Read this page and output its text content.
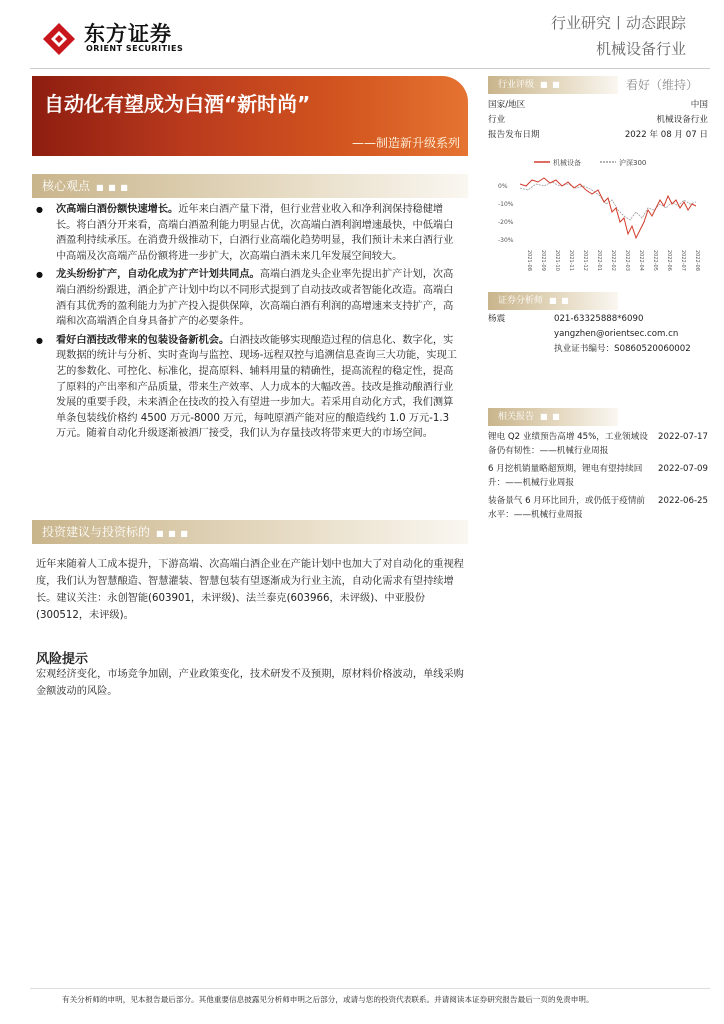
东方证券
ORIENT SECURITIES
行业研究丨动态跟踪
机械设备行业
自动化有望成为白酒“新时尚”
——制造新升级系列
核心观点 ■ ■ ■
● 次高端白酒份额快速增长。近年来白酒产量下滑，但行业营业收入和净利润保持稳健增长。将白酒分开来看，高端白酒盈利能力明显占优，次高端白酒利润增速最快，中低端白酒盈利持续承压。在消费升级推动下，白酒行业高端化趋势明显，我们预计未来白酒行业中高端及次高端产品份额将进一步扩大，次高端白酒未来几年发展空间较大。
● 龙头纷纷扩产，自动化成为扩产计划共同点。高端白酒龙头企业率先提出扩产计划，次高端白酒纷纷跟进，酒企扩产计划中均以不同形式提到了自动技改或者智能化改造。高端白酒有其优秀的盈利能力为扩产投入提供保障，次高端白酒有利润的高增速来支持扩产，高端和次高端酒企自身具备扩产的必要条件。
● 看好白酒技改带来的包装设备新机会。白酒技改能够实现酿造过程的信息化、数字化，实现数据的统计与分析、实时查询与监控、现场-远程双控与追溯信息查询三大功能，实现工艺的参数化、可控化、标准化，提高原料、辅料用量的精确性，提高流程的稳定性，提高了原料的产出率和产品质量，带来生产效率、人力成本的大幅改善。技改是推动酿酒行业发展的重要手段，未来酒企在技改的投入有望进一步加大。若采用自动化方式，我们测算单条包装线价格约 4500 万元-8000 万元，每吨原酒产能对应的酿造线约 1.0 万元-1.3 万元。随着自动化升级逐渐被酒厂接受，我们认为存量技改将带来更大的市场空间。
投资建议与投资标的 ■ ■ ■
近年来随着人工成本提升，下游高端、次高端白酒企业在产能计划中也加大了对自动化的重视程度，我们认为智慧酿造、智慧灌装、智慧包装有望逐渐成为行业主流，自动化需求有望持续增长。建议关注：永创智能(603901，未评级)、法兰泰克(603966，未评级)、中亚股份(300512，未评级)。
风险提示
宏观经济变化，市场竞争加剧，产业政策变化，技术研发不及预期，原材料价格波动，单线采购金额波动的风险。
行业评级 ■ ■	看好（维持）
国家/地区	中国
行业	机械设备行业
报告发布日期	2022 年 08 月 07 日
机械设备	沪深300
0%
-10%
-20%
-30%
2021-08 2021-09 2021-10 2021-11 2021-12 2022-01 2022-02 2022-03 2022-04 2022-05 2022-06 2022-07 2022-08
证券分析师 ■ ■
杨震	021-63325888*6090
yangzhen@orientsec.com.cn
执业证书编号：S0860520060002
相关报告 ■ ■
锂电 Q2 业绩预告高增 45%，工业领域设备仍有韧性：——机械行业周报
2022-07-17
6 月挖机销量略超预期，锂电有望持续回升：——机械行业周报
2022-07-09
装备景气 6 月环比回升，或仍低于疫情前水平：——机械行业周报
2022-06-25
有关分析师的申明，见本报告最后部分。其他重要信息披露见分析师申明之后部分，或请与您的投资代表联系。并请阅读本证券研究报告最后一页的免责申明。
